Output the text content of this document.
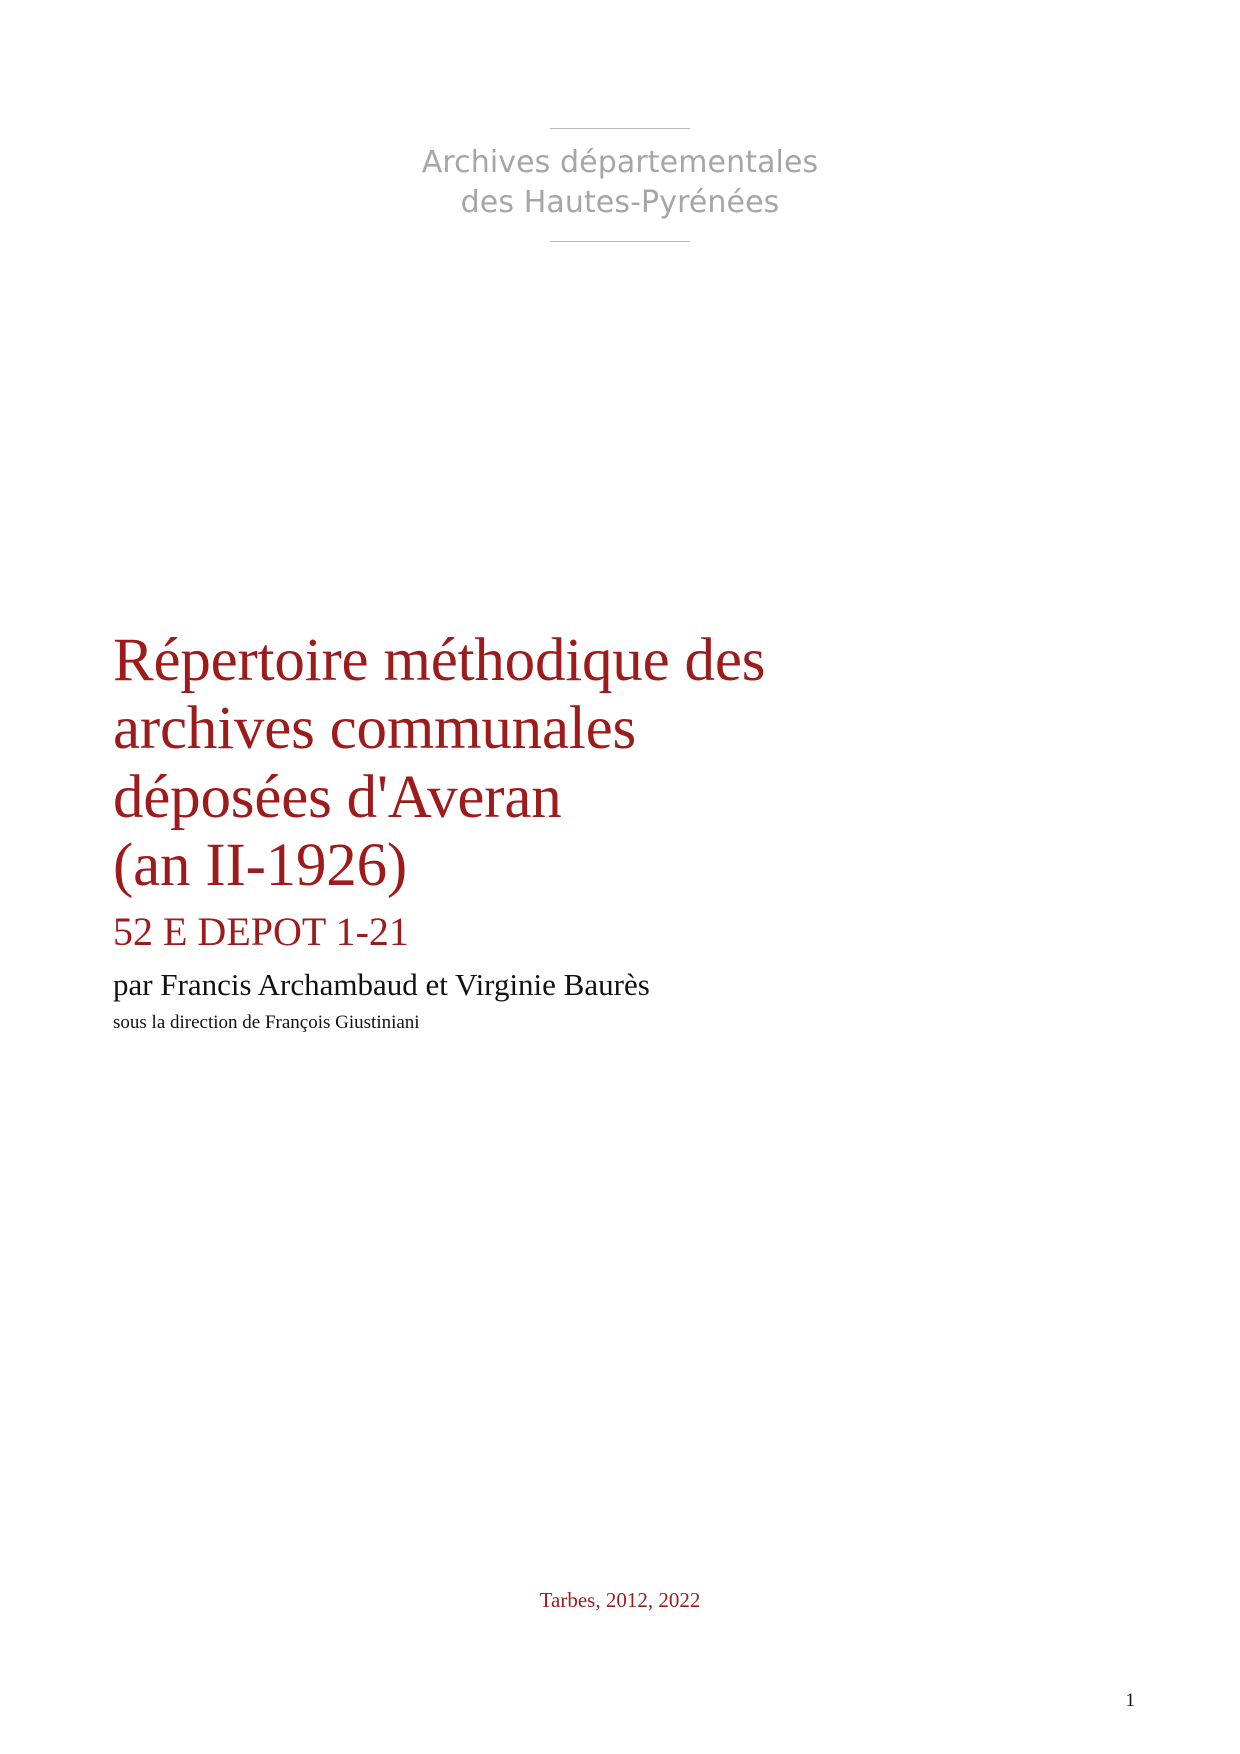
Archives départementales
des Hautes-Pyrénées
Répertoire méthodique des
archives communales
déposées d'Averan
(an II-1926)
52 E DEPOT 1-21
par Francis Archambaud et Virginie Baurès
sous la direction de François Giustiniani
Tarbes, 2012, 2022
1
